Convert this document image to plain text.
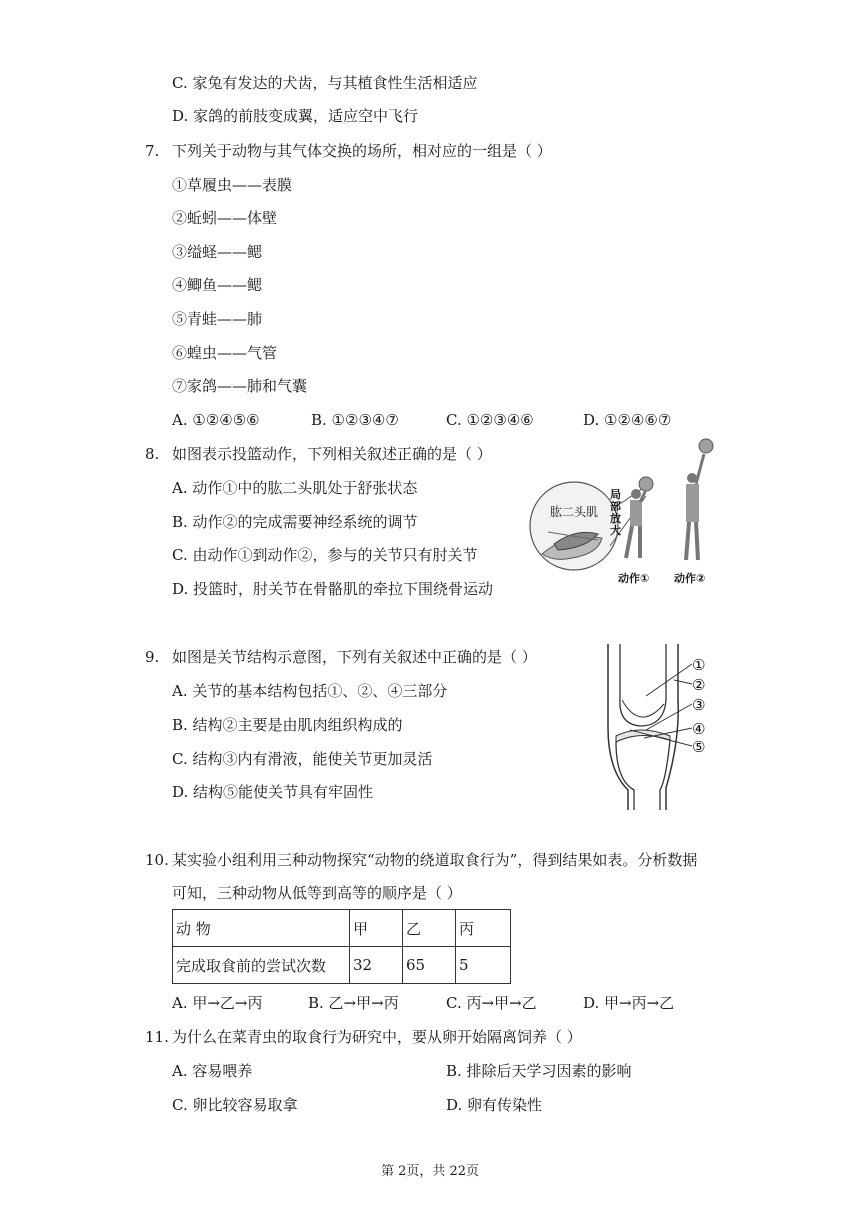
C. 家兔有发达的犬齿，与其植食性生活相适应
D. 家鸽的前肢变成翼，适应空中飞行
7. 下列关于动物与其气体交换的场所，相对应的一组是（ ）
①草履虫——表膜
②蚯蚓——体壁
③缢蛏——鳃
④鲫鱼——鳃
⑤青蛙——肺
⑥蝗虫——气管
⑦家鸽——肺和气囊
A. ①②④⑤⑥	B. ①②③④⑦	C. ①②③④⑥	D. ①②④⑥⑦
8. 如图表示投篮动作，下列相关叙述正确的是（ ）
A. 动作①中的肱二头肌处于舒张状态
B. 动作②的完成需要神经系统的调节
C. 由动作①到动作②，参与的关节只有肘关节
D. 投篮时，肘关节在骨骼肌的牵拉下围绕骨运动
肱二头肌
局
部
放
大
动作① 动作②
9. 如图是关节结构示意图，下列有关叙述中正确的是（ ）
A. 关节的基本结构包括①、②、④三部分
B. 结构②主要是由肌肉组织构成的
C. 结构③内有滑液，能使关节更加灵活
D. 结构⑤能使关节具有牢固性
①
②
③
④
⑤
10. 某实验小组利用三种动物探究“动物的绕道取食行为”，得到结果如表。分析数据
可知，三种动物从低等到高等的顺序是（ ）
动 物	甲	乙	丙
完成取食前的尝试次数	32	65	5
A. 甲→乙→丙	B. 乙→甲→丙	C. 丙→甲→乙	D. 甲→丙→乙
11. 为什么在菜青虫的取食行为研究中，要从卵开始隔离饲养（ ）
A. 容易喂养	B. 排除后天学习因素的影响
C. 卵比较容易取拿	D. 卵有传染性
第 2页，共 22页
